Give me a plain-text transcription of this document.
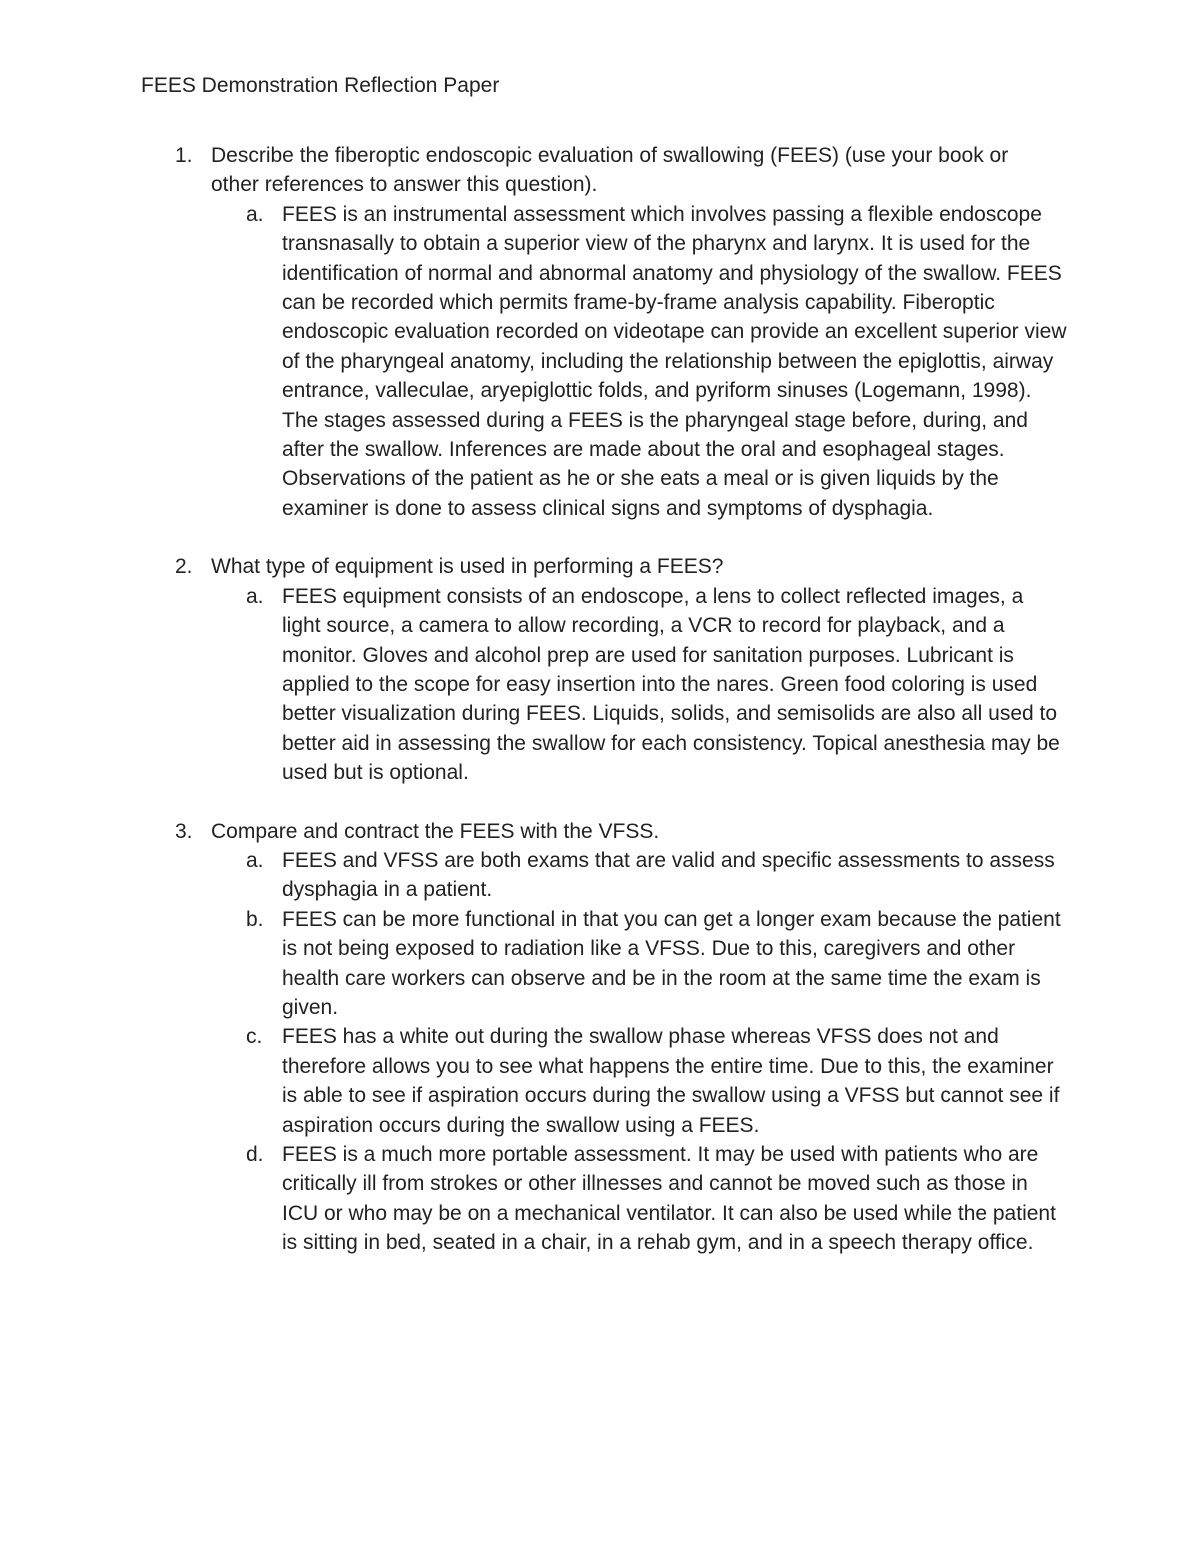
FEES Demonstration Reflection Paper
1. Describe the fiberoptic endoscopic evaluation of swallowing (FEES) (use your book or other references to answer this question).

a. FEES is an instrumental assessment which involves passing a flexible endoscope transnasally to obtain a superior view of the pharynx and larynx. It is used for the identification of normal and abnormal anatomy and physiology of the swallow. FEES can be recorded which permits frame-by-frame analysis capability. Fiberoptic endoscopic evaluation recorded on videotape can provide an excellent superior view of the pharyngeal anatomy, including the relationship between the epiglottis, airway entrance, valleculae, aryepiglottic folds, and pyriform sinuses (Logemann, 1998). The stages assessed during a FEES is the pharyngeal stage before, during, and after the swallow. Inferences are made about the oral and esophageal stages. Observations of the patient as he or she eats a meal or is given liquids by the examiner is done to assess clinical signs and symptoms of dysphagia.

2. What type of equipment is used in performing a FEES?

a. FEES equipment consists of an endoscope, a lens to collect reflected images, a light source, a camera to allow recording, a VCR to record for playback, and a monitor. Gloves and alcohol prep are used for sanitation purposes. Lubricant is applied to the scope for easy insertion into the nares. Green food coloring is used better visualization during FEES. Liquids, solids, and semisolids are also all used to better aid in assessing the swallow for each consistency. Topical anesthesia may be used but is optional.

3. Compare and contract the FEES with the VFSS.

a. FEES and VFSS are both exams that are valid and specific assessments to assess dysphagia in a patient.

b. FEES can be more functional in that you can get a longer exam because the patient is not being exposed to radiation like a VFSS. Due to this, caregivers and other health care workers can observe and be in the room at the same time the exam is given.

c. FEES has a white out during the swallow phase whereas VFSS does not and therefore allows you to see what happens the entire time. Due to this, the examiner is able to see if aspiration occurs during the swallow using a VFSS but cannot see if aspiration occurs during the swallow using a FEES.

d. FEES is a much more portable assessment. It may be used with patients who are critically ill from strokes or other illnesses and cannot be moved such as those in ICU or who may be on a mechanical ventilator. It can also be used while the patient is sitting in bed, seated in a chair, in a rehab gym, and in a speech therapy office.
